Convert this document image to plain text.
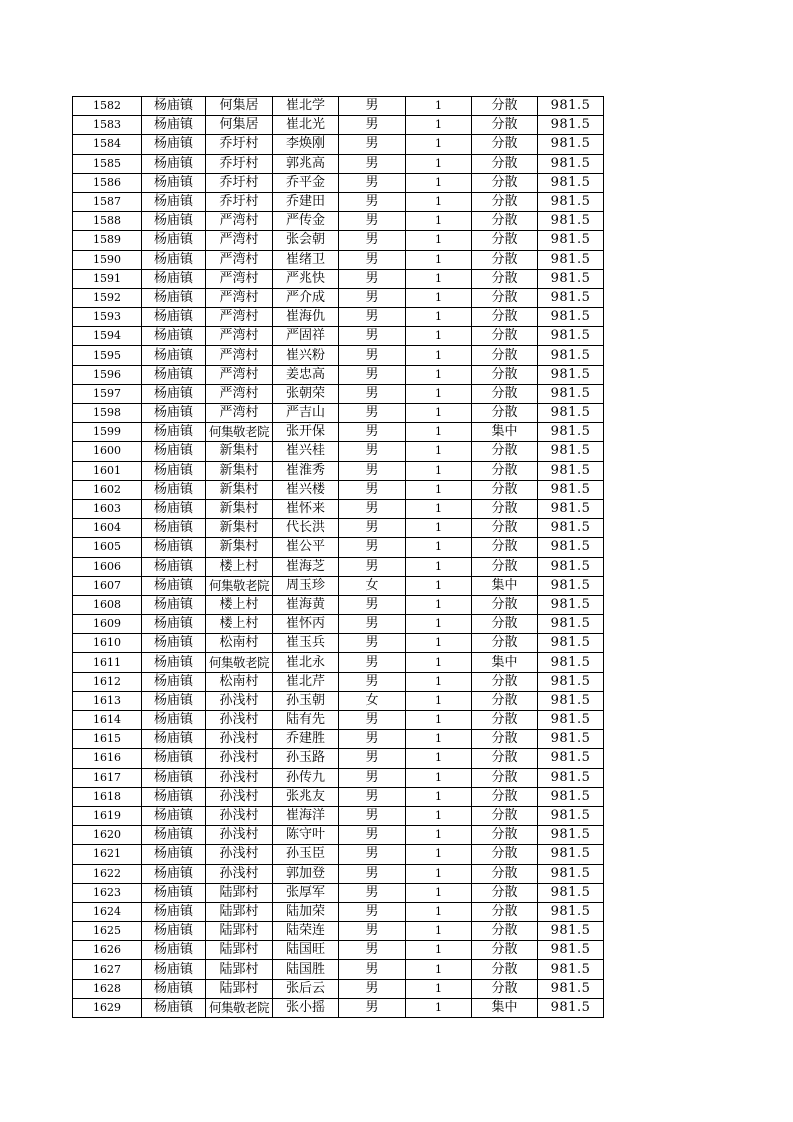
1582	杨庙镇	何集居	崔北学	男	1	分散	981.5
1583	杨庙镇	何集居	崔北光	男	1	分散	981.5
1584	杨庙镇	乔圩村	李焕刚	男	1	分散	981.5
1585	杨庙镇	乔圩村	郭兆高	男	1	分散	981.5
1586	杨庙镇	乔圩村	乔平金	男	1	分散	981.5
1587	杨庙镇	乔圩村	乔建田	男	1	分散	981.5
1588	杨庙镇	严湾村	严传金	男	1	分散	981.5
1589	杨庙镇	严湾村	张会朝	男	1	分散	981.5
1590	杨庙镇	严湾村	崔绪卫	男	1	分散	981.5
1591	杨庙镇	严湾村	严兆快	男	1	分散	981.5
1592	杨庙镇	严湾村	严介成	男	1	分散	981.5
1593	杨庙镇	严湾村	崔海仇	男	1	分散	981.5
1594	杨庙镇	严湾村	严固祥	男	1	分散	981.5
1595	杨庙镇	严湾村	崔兴粉	男	1	分散	981.5
1596	杨庙镇	严湾村	姜忠高	男	1	分散	981.5
1597	杨庙镇	严湾村	张朝荣	男	1	分散	981.5
1598	杨庙镇	严湾村	严吉山	男	1	分散	981.5
1599	杨庙镇	何集敬老院	张开保	男	1	集中	981.5
1600	杨庙镇	新集村	崔兴桂	男	1	分散	981.5
1601	杨庙镇	新集村	崔淮秀	男	1	分散	981.5
1602	杨庙镇	新集村	崔兴楼	男	1	分散	981.5
1603	杨庙镇	新集村	崔怀来	男	1	分散	981.5
1604	杨庙镇	新集村	代长洪	男	1	分散	981.5
1605	杨庙镇	新集村	崔公平	男	1	分散	981.5
1606	杨庙镇	楼上村	崔海芝	男	1	分散	981.5
1607	杨庙镇	何集敬老院	周玉珍	女	1	集中	981.5
1608	杨庙镇	楼上村	崔海黄	男	1	分散	981.5
1609	杨庙镇	楼上村	崔怀丙	男	1	分散	981.5
1610	杨庙镇	松南村	崔玉兵	男	1	分散	981.5
1611	杨庙镇	何集敬老院	崔北永	男	1	集中	981.5
1612	杨庙镇	松南村	崔北芹	男	1	分散	981.5
1613	杨庙镇	孙浅村	孙玉朝	女	1	分散	981.5
1614	杨庙镇	孙浅村	陆有先	男	1	分散	981.5
1615	杨庙镇	孙浅村	乔建胜	男	1	分散	981.5
1616	杨庙镇	孙浅村	孙玉路	男	1	分散	981.5
1617	杨庙镇	孙浅村	孙传九	男	1	分散	981.5
1618	杨庙镇	孙浅村	张兆友	男	1	分散	981.5
1619	杨庙镇	孙浅村	崔海洋	男	1	分散	981.5
1620	杨庙镇	孙浅村	陈守叶	男	1	分散	981.5
1621	杨庙镇	孙浅村	孙玉臣	男	1	分散	981.5
1622	杨庙镇	孙浅村	郭加登	男	1	分散	981.5
1623	杨庙镇	陆郢村	张厚军	男	1	分散	981.5
1624	杨庙镇	陆郢村	陆加荣	男	1	分散	981.5
1625	杨庙镇	陆郢村	陆荣连	男	1	分散	981.5
1626	杨庙镇	陆郢村	陆国旺	男	1	分散	981.5
1627	杨庙镇	陆郢村	陆国胜	男	1	分散	981.5
1628	杨庙镇	陆郢村	张后云	男	1	分散	981.5
1629	杨庙镇	何集敬老院	张小摇	男	1	集中	981.5
